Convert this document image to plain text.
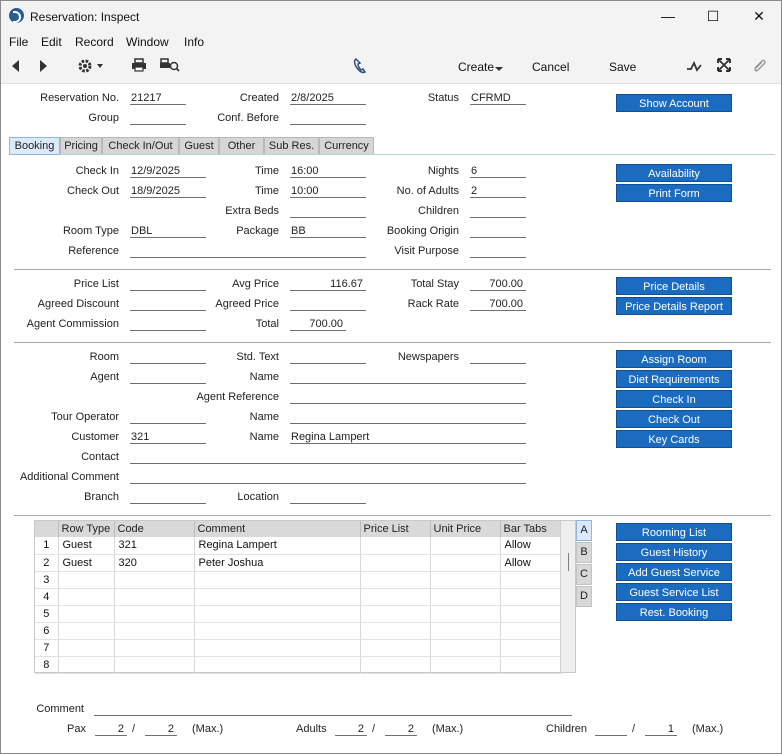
Reservation: Inspect	—	☐	✕
File Edit Record Window Info
Create	Cancel	Save
Reservation No. 21217	Created 2/8/2025	Status CFRMD	Show Account
Group	Conf. Before
Booking Pricing Check In/Out	Guest	Other	Sub Res. Currency
Check In 12/9/2025	Time 16:00	Nights 6	Availability
Check Out 18/9/2025	Time 10:00	No. of Adults 2	Print Form
Extra Beds	Children
Room Type DBL	Package BB	Booking Origin
Reference	Visit Purpose
Price List	Avg Price	116.67	Total Stay	700.00	Price Details
Agreed Discount	Agreed Price	Rack Rate	700.00	Price Details Report
Agent Commission	Total	700.00
Room	Std. Text	Newspapers	Assign Room
Agent	Name	Diet Requirements
Agent Reference	Check In
Tour Operator	Name	Check Out
Customer 321	Name Regina Lampert	Key Cards
Contact
Additional Comment
Branch	Location
	Row Type	Code	Comment	Price List	Unit Price	Bar Tabs
1	Guest	321	Regina Lampert			Allow
2	Guest	320	Peter Joshua			Allow
3						
4						
5						
6						
7						
8						
A
B
C
D
Rooming List
Guest History
Add Guest Service
Guest Service List
Rest. Booking
Comment
Pax	2 /	2 (Max.)	Adults	2 /	2 (Max.)	Children	/	1 (Max.)
